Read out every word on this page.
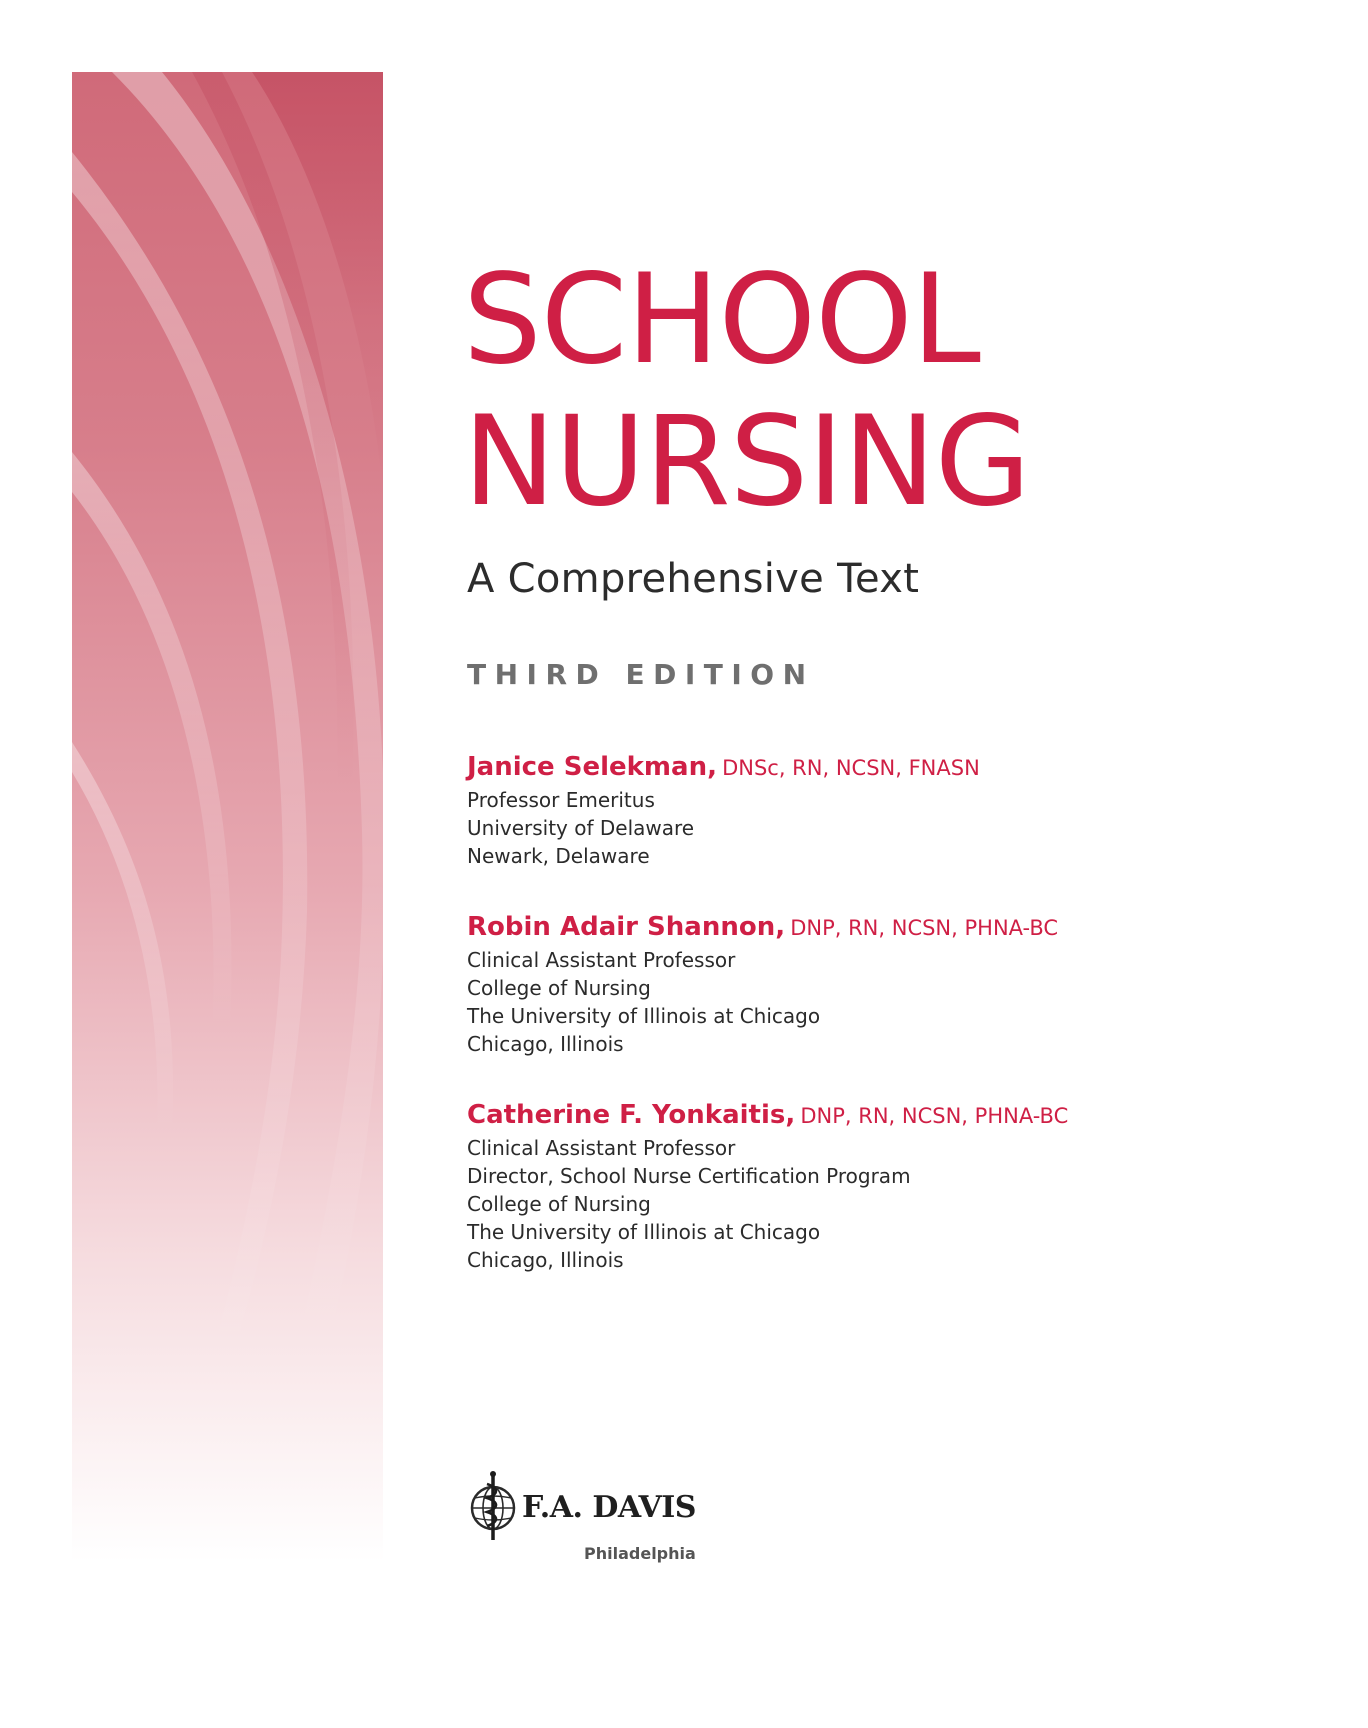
SCHOOL
NURSING
A Comprehensive Text
THIRD EDITION
Janice Selekman, DNSc, RN, NCSN, FNASN
Professor Emeritus
University of Delaware
Newark, Delaware
Robin Adair Shannon, DNP, RN, NCSN, PHNA-BC
Clinical Assistant Professor
College of Nursing
The University of Illinois at Chicago
Chicago, Illinois
Catherine F. Yonkaitis, DNP, RN, NCSN, PHNA-BC
Clinical Assistant Professor
Director, School Nurse Certification Program
College of Nursing
The University of Illinois at Chicago
Chicago, Illinois
F.A. DAVIS
Philadelphia
